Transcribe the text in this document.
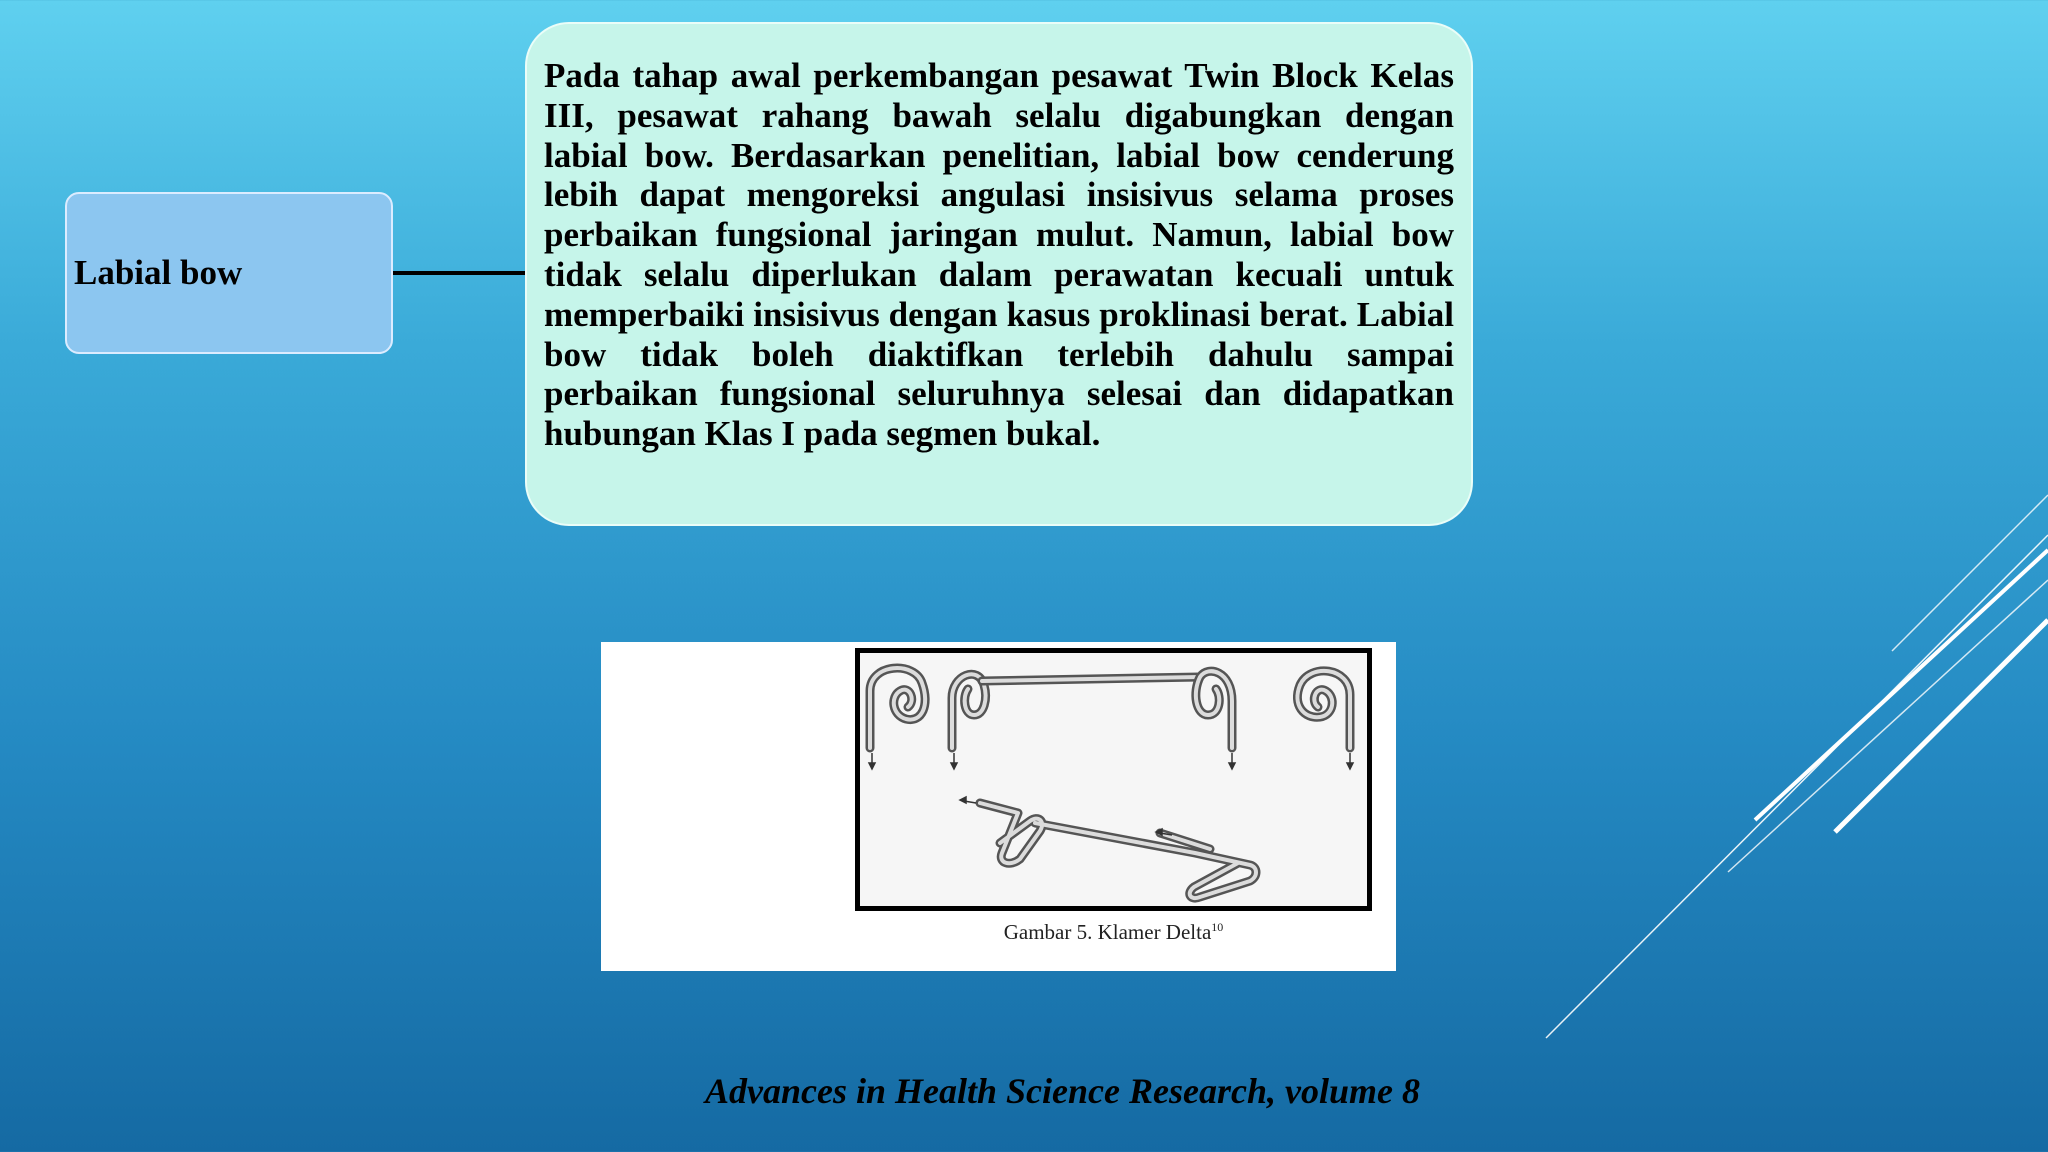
Labial bow

Pada tahap awal perkembangan pesawat Twin Block Kelas III, pesawat rahang bawah selalu digabungkan dengan labial bow. Berdasarkan penelitian, labial bow cenderung lebih dapat mengoreksi angulasi insisivus selama proses perbaikan fungsional jaringan mulut. Namun, labial bow tidak selalu diperlukan dalam perawatan kecuali untuk memperbaiki insisivus dengan kasus proklinasi berat. Labial bow tidak boleh diaktifkan terlebih dahulu sampai perbaikan fungsional seluruhnya selesai dan didapatkan hubungan Klas I pada segmen bukal.

Gambar 5. Klamer Delta$^{10}$
Advances in Health Science Research, volume 8
